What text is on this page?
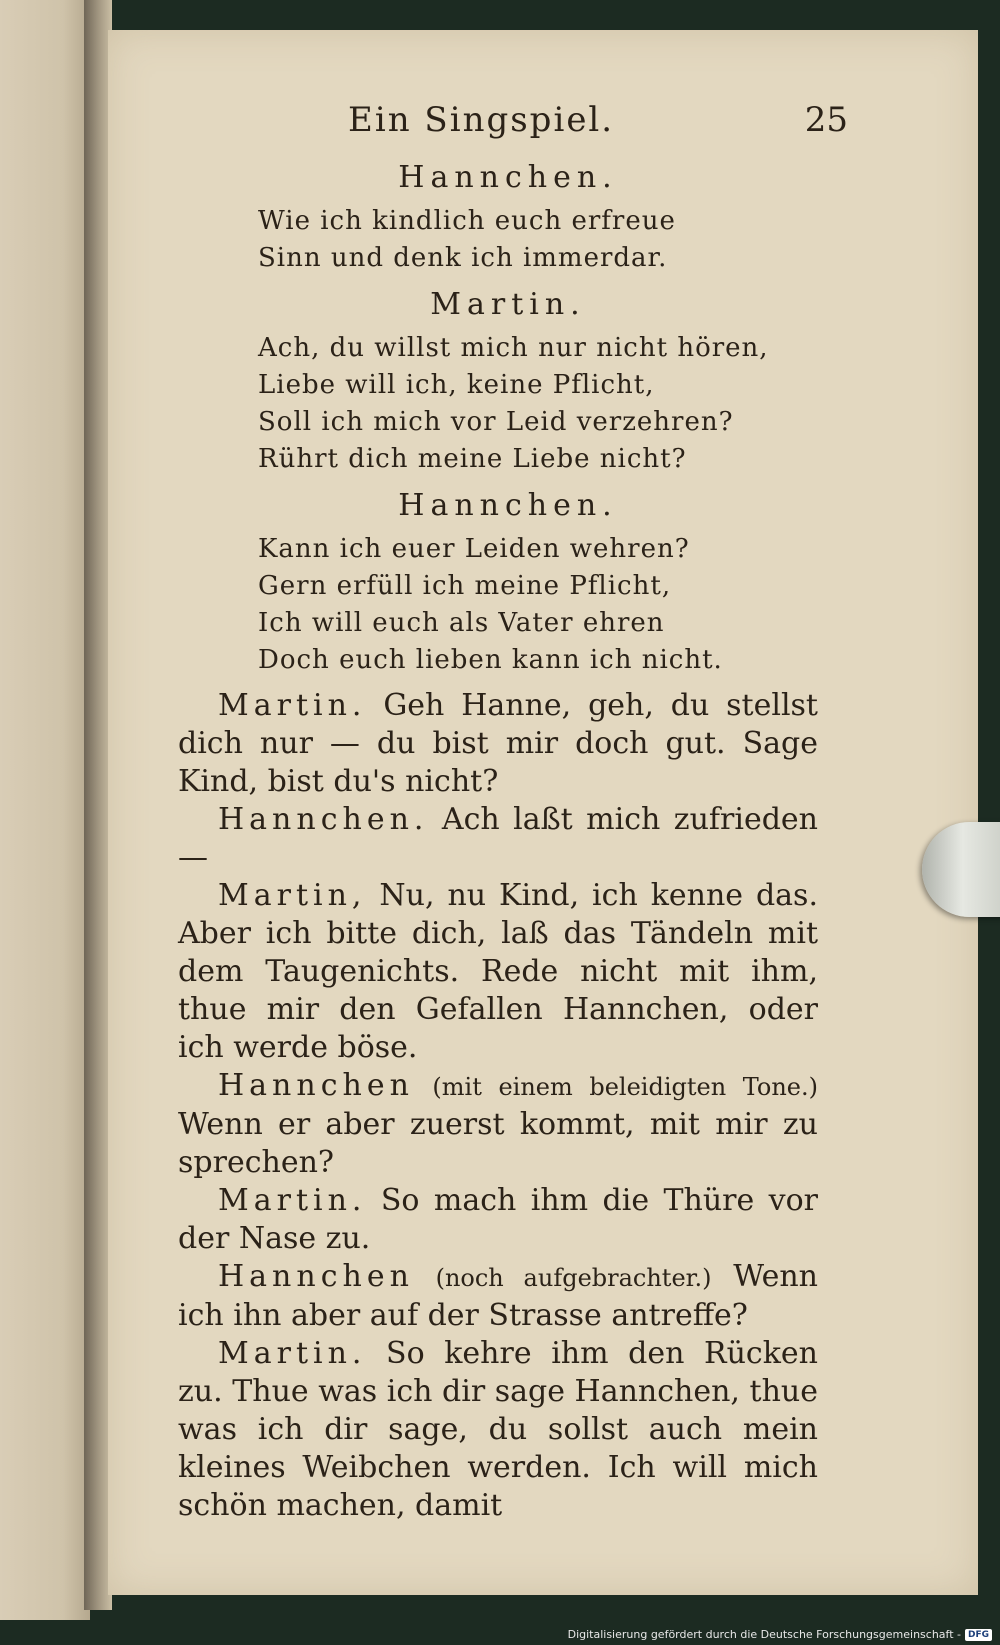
Ein Singspiel.	25
Hannchen.
Wie ich kindlich euch erfreue
Sinn und denk ich immerdar.
Martin.
Ach, du willst mich nur nicht hören,
Liebe will ich, keine Pflicht,
Soll ich mich vor Leid verzehren?
Rührt dich meine Liebe nicht?
Hannchen.
Kann ich euer Leiden wehren?
Gern erfüll ich meine Pflicht,
Ich will euch als Vater ehren
Doch euch lieben kann ich nicht.

Martin. Geh Hanne, geh, du stellst dich nur — du bist mir doch gut. Sage Kind, bist du's nicht?

Hannchen. Ach laßt mich zufrieden —

Martin, Nu, nu Kind, ich kenne das. Aber ich bitte dich, laß das Tändeln mit dem Taugenichts. Rede nicht mit ihm, thue mir den Gefallen Hannchen, oder ich werde böse.

Hannchen (mit einem beleidigten Tone.) Wenn er aber zuerst kommt, mit mir zu sprechen?

Martin. So mach ihm die Thüre vor der Nase zu.

Hannchen (noch aufgebrachter.) Wenn ich ihn aber auf der Strasse antreffe?

Martin. So kehre ihm den Rücken zu. Thue was ich dir sage Hannchen, thue was ich dir sage, du sollst auch mein kleines Weibchen werden. Ich will mich schön machen, damit

Digitalisierung gefördert durch die Deutsche Forschungsgemeinschaft - DFG
